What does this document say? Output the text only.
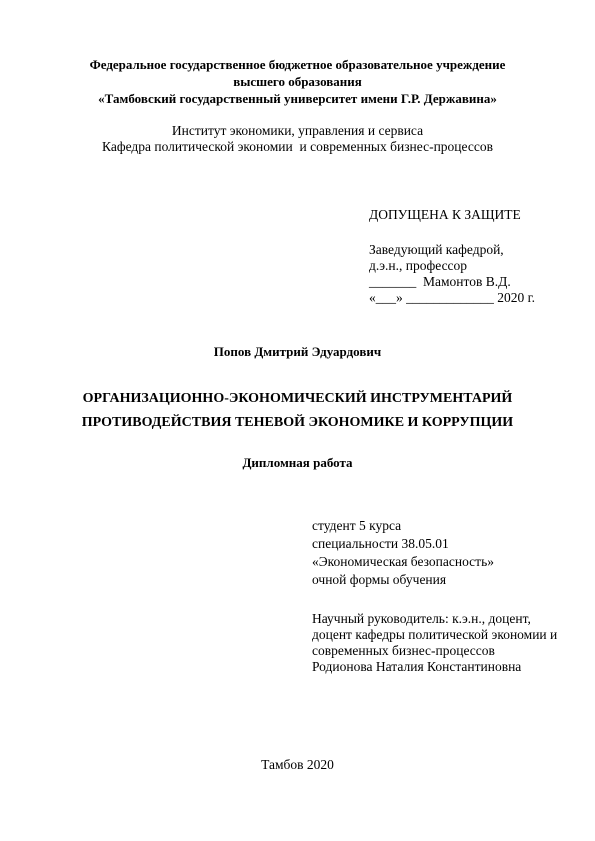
Федеральное государственное бюджетное образовательное учреждение
высшего образования
«Тамбовский государственный университет имени Г.Р. Державина»
Институт экономики, управления и сервиса
Кафедра политической экономии  и современных бизнес-процессов
ДОПУЩЕНА К ЗАЩИТЕ
Заведующий кафедрой,
д.э.н., профессор
_______  Мамонтов В.Д.
«___» _____________ 2020 г.
Попов Дмитрий Эдуардович
ОРГАНИЗАЦИОННО-ЭКОНОМИЧЕСКИЙ ИНСТРУМЕНТАРИЙ
ПРОТИВОДЕЙСТВИЯ ТЕНЕВОЙ ЭКОНОМИКЕ И КОРРУПЦИИ
Дипломная работа
студент 5 курса
специальности 38.05.01
«Экономическая безопасность»
очной формы обучения
Научный руководитель: к.э.н., доцент,
доцент кафедры политической экономии и
современных бизнес-процессов
Родионова Наталия Константиновна
Тамбов 2020
